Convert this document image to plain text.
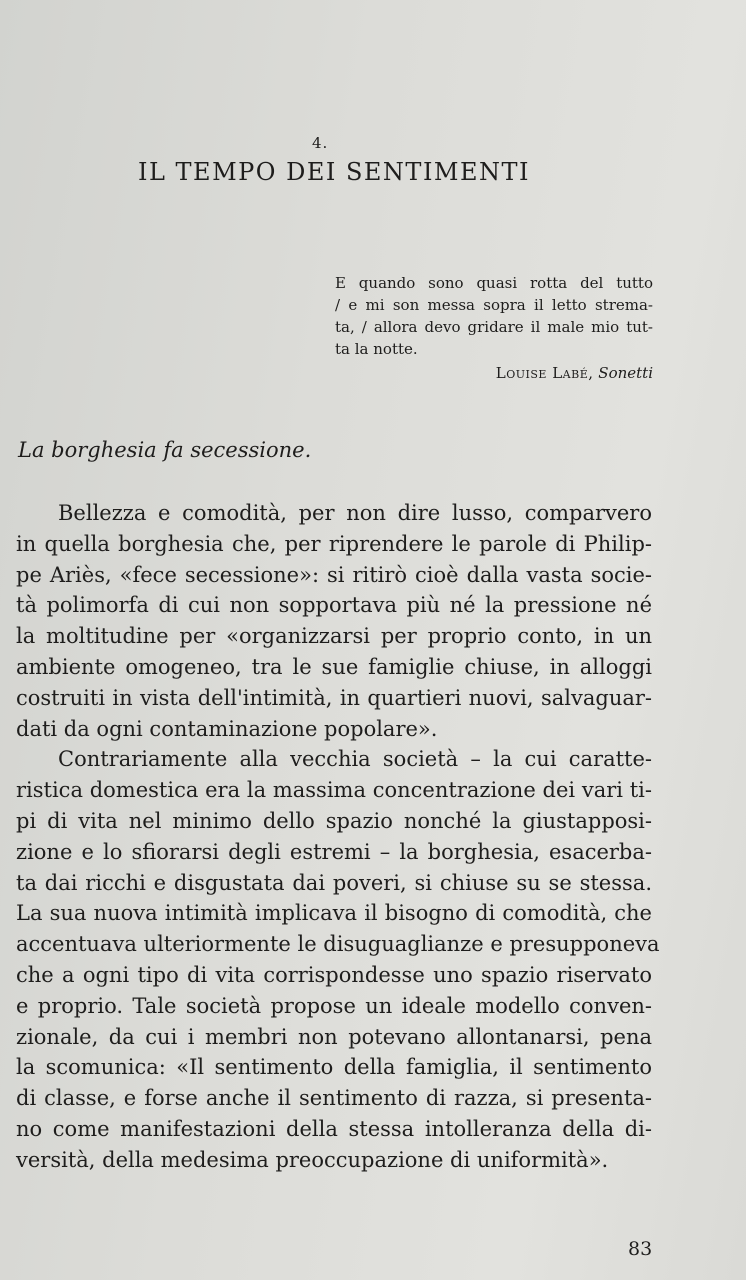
4.
IL TEMPO DEI SENTIMENTI
E quando sono quasi rotta del tutto
/ e mi son messa sopra il letto strema-
ta, / allora devo gridare il male mio tut-
ta la notte.
Louise Labé, Sonetti
La borghesia fa secessione.
Bellezza e comodità, per non dire lusso, comparvero
in quella borghesia che, per riprendere le parole di Philip-
pe Ariès, «fece secessione»: si ritirò cioè dalla vasta socie-
tà polimorfa di cui non sopportava più né la pressione né
la moltitudine per «organizzarsi per proprio conto, in un
ambiente omogeneo, tra le sue famiglie chiuse, in alloggi
costruiti in vista dell'intimità, in quartieri nuovi, salvaguar-
dati da ogni contaminazione popolare».
Contrariamente alla vecchia società – la cui caratte-
ristica domestica era la massima concentrazione dei vari ti-
pi di vita nel minimo dello spazio nonché la giustapposi-
zione e lo sfiorarsi degli estremi – la borghesia, esacerba-
ta dai ricchi e disgustata dai poveri, si chiuse su se stessa.
La sua nuova intimità implicava il bisogno di comodità, che
accentuava ulteriormente le disuguaglianze e presupponeva
che a ogni tipo di vita corrispondesse uno spazio riservato
e proprio. Tale società propose un ideale modello conven-
zionale, da cui i membri non potevano allontanarsi, pena
la scomunica: «Il sentimento della famiglia, il sentimento
di classe, e forse anche il sentimento di razza, si presenta-
no come manifestazioni della stessa intolleranza della di-
versità, della medesima preoccupazione di uniformità».
83
